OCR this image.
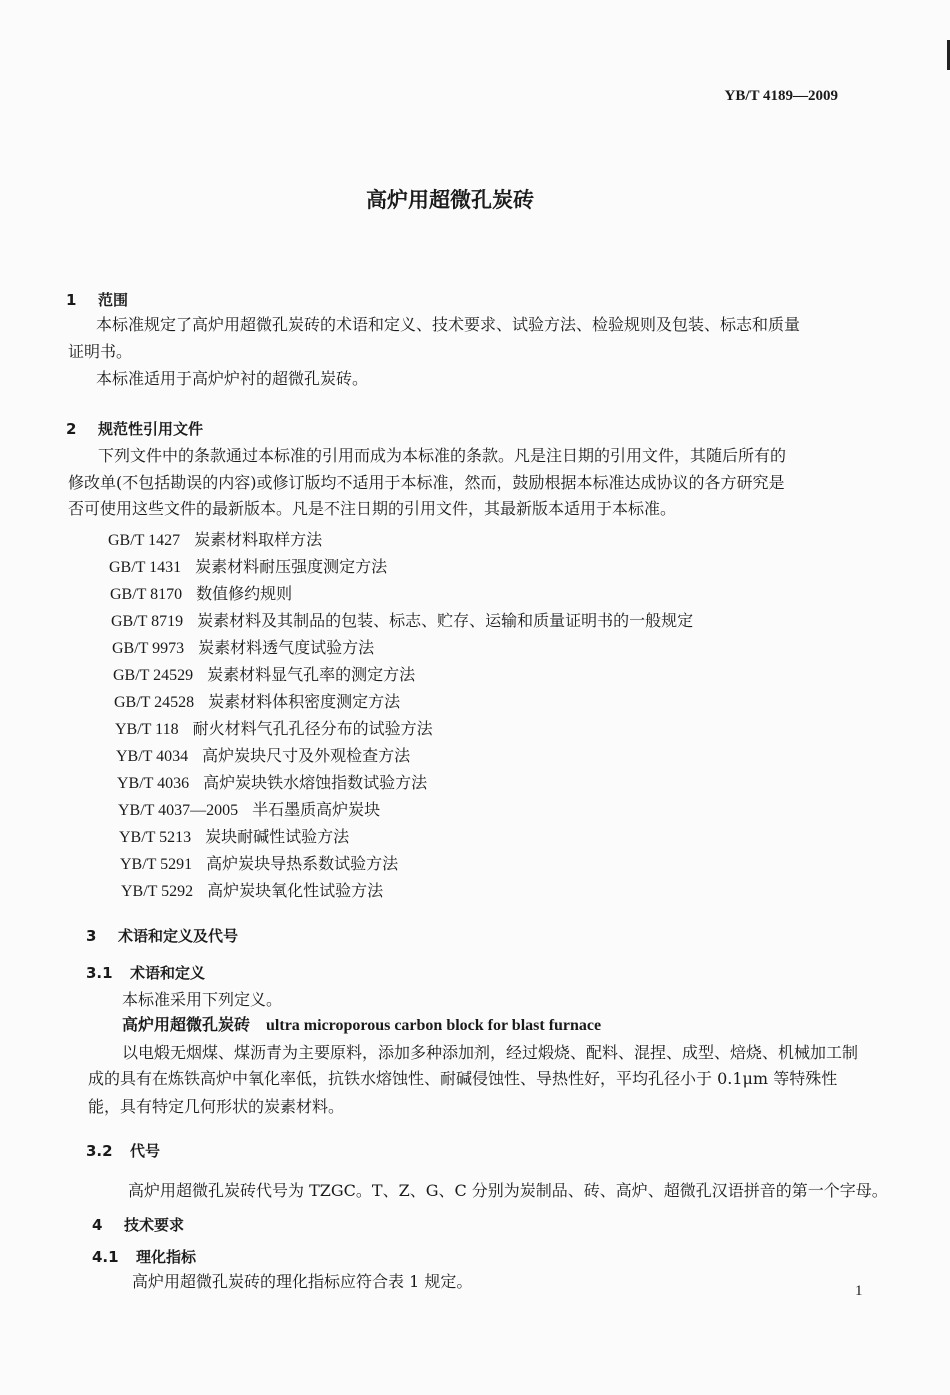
YB/T 4189—2009
高炉用超微孔炭砖
1 范围
本标准规定了高炉用超微孔炭砖的术语和定义、技术要求、试验方法、检验规则及包装、标志和质量
证明书。
本标准适用于高炉炉衬的超微孔炭砖。
2 规范性引用文件
下列文件中的条款通过本标准的引用而成为本标准的条款。凡是注日期的引用文件，其随后所有的
修改单(不包括勘误的内容)或修订版均不适用于本标准，然而，鼓励根据本标准达成协议的各方研究是
否可使用这些文件的最新版本。凡是不注日期的引用文件，其最新版本适用于本标准。
GB/T 1427 炭素材料取样方法
GB/T 1431 炭素材料耐压强度测定方法
GB/T 8170 数值修约规则
GB/T 8719 炭素材料及其制品的包装、标志、贮存、运输和质量证明书的一般规定
GB/T 9973 炭素材料透气度试验方法
GB/T 24529 炭素材料显气孔率的测定方法
GB/T 24528 炭素材料体积密度测定方法
YB/T 118 耐火材料气孔孔径分布的试验方法
YB/T 4034 高炉炭块尺寸及外观检查方法
YB/T 4036 高炉炭块铁水熔蚀指数试验方法
YB/T 4037—2005 半石墨质高炉炭块
YB/T 5213 炭块耐碱性试验方法
YB/T 5291 高炉炭块导热系数试验方法
YB/T 5292 高炉炭块氧化性试验方法
3 术语和定义及代号
3.1 术语和定义
本标准采用下列定义。
高炉用超微孔炭砖 ultra microporous carbon block for blast furnace
以电煅无烟煤、煤沥青为主要原料，添加多种添加剂，经过煅烧、配料、混捏、成型、焙烧、机械加工制
成的具有在炼铁高炉中氧化率低，抗铁水熔蚀性、耐碱侵蚀性、导热性好，平均孔径小于 0.1μm 等特殊性
能，具有特定几何形状的炭素材料。
3.2 代号
高炉用超微孔炭砖代号为 TZGC。T、Z、G、C 分别为炭制品、砖、高炉、超微孔汉语拼音的第一个字母。
4 技术要求
4.1 理化指标
高炉用超微孔炭砖的理化指标应符合表 1 规定。	1
